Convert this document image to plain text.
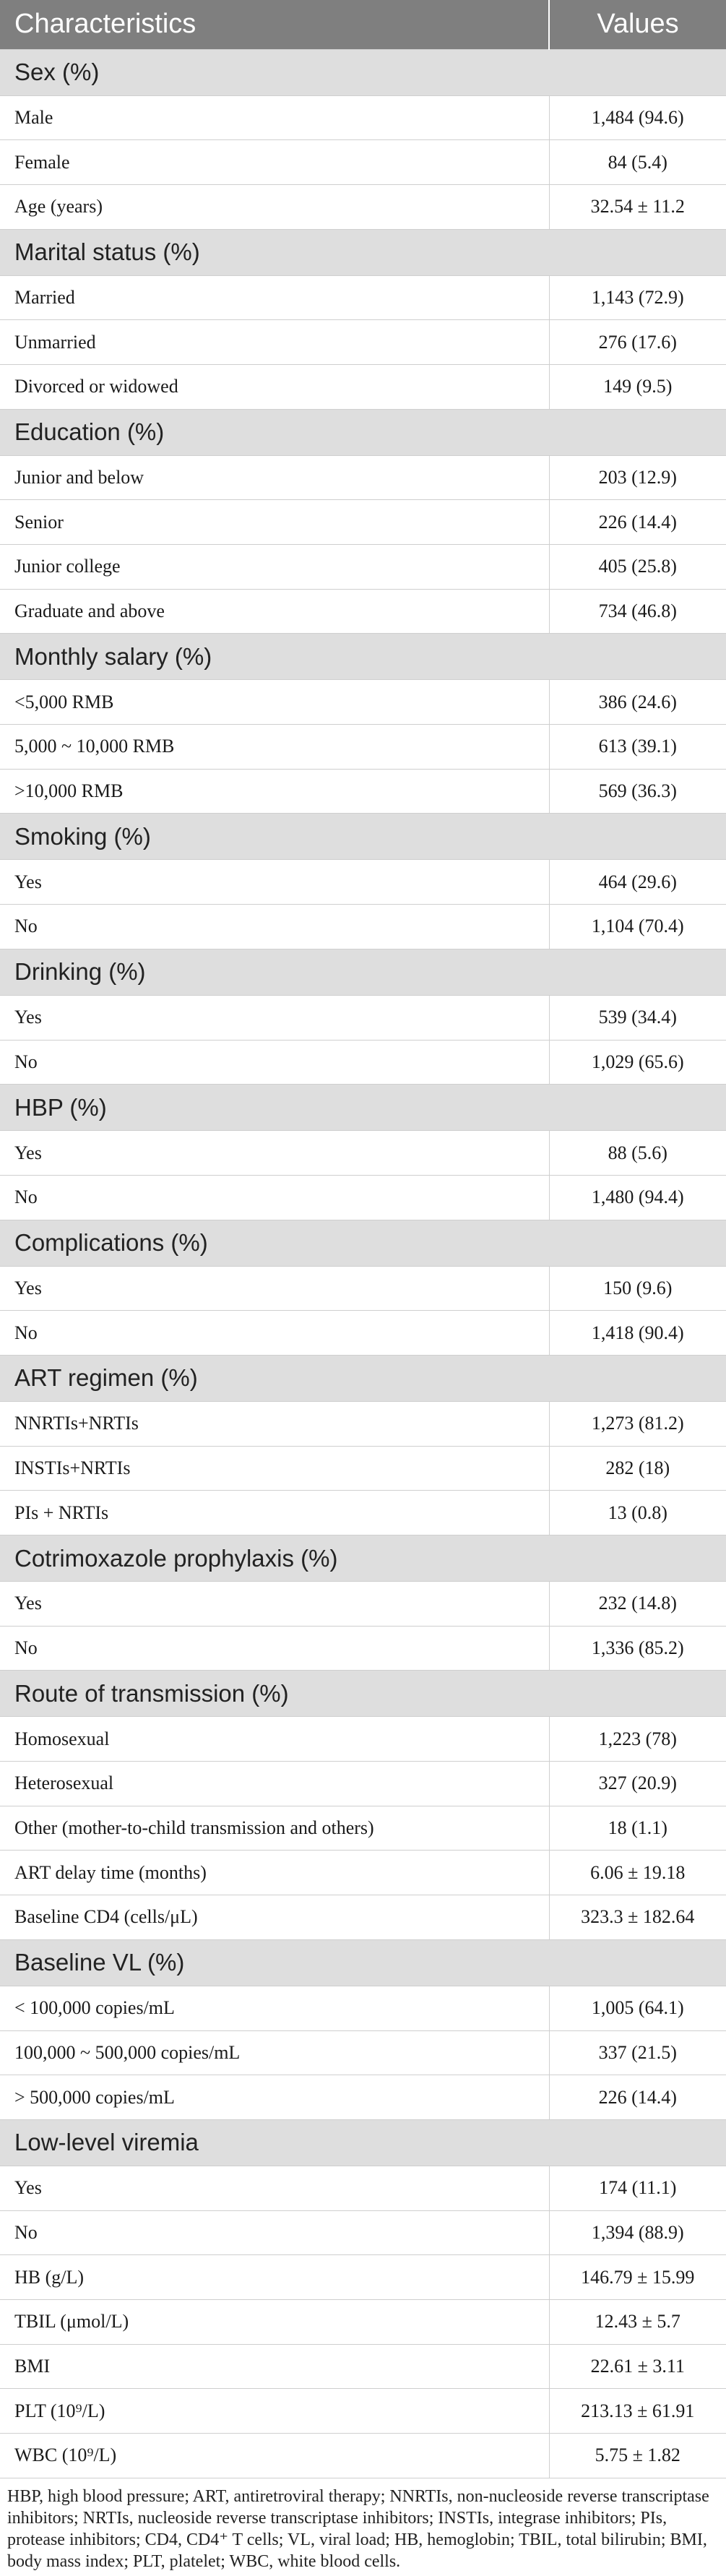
Characteristics	Values
Sex (%)	
Male	1,484 (94.6)
Female	84 (5.4)
Age (years)	32.54 ± 11.2
Marital status (%)	
Married	1,143 (72.9)
Unmarried	276 (17.6)
Divorced or widowed	149 (9.5)
Education (%)	
Junior and below	203 (12.9)
Senior	226 (14.4)
Junior college	405 (25.8)
Graduate and above	734 (46.8)
Monthly salary (%)	
<5,000 RMB	386 (24.6)
5,000 ~ 10,000 RMB	613 (39.1)
>10,000 RMB	569 (36.3)
Smoking (%)	
Yes	464 (29.6)
No	1,104 (70.4)
Drinking (%)	
Yes	539 (34.4)
No	1,029 (65.6)
HBP (%)	
Yes	88 (5.6)
No	1,480 (94.4)
Complications (%)	
Yes	150 (9.6)
No	1,418 (90.4)
ART regimen (%)	
NNRTIs+NRTIs	1,273 (81.2)
INSTIs+NRTIs	282 (18)
PIs + NRTIs	13 (0.8)
Cotrimoxazole prophylaxis (%)	
Yes	232 (14.8)
No	1,336 (85.2)
Route of transmission (%)	
Homosexual	1,223 (78)
Heterosexual	327 (20.9)
Other (mother-to-child transmission and others)	18 (1.1)
ART delay time (months)	6.06 ± 19.18
Baseline CD4 (cells/μL)	323.3 ± 182.64
Baseline VL (%)	
< 100,000 copies/mL	1,005 (64.1)
100,000 ~ 500,000 copies/mL	337 (21.5)
> 500,000 copies/mL	226 (14.4)
Low-level viremia	
Yes	174 (11.1)
No	1,394 (88.9)
HB (g/L)	146.79 ± 15.99
TBIL (μmol/L)	12.43 ± 5.7
BMI	22.61 ± 3.11
PLT (10⁹/L)	213.13 ± 61.91
WBC (10⁹/L)	5.75 ± 1.82
HBP, high blood pressure; ART, antiretroviral therapy; NNRTIs, non-nucleoside reverse transcriptase inhibitors; NRTIs, nucleoside reverse transcriptase inhibitors; INSTIs, integrase inhibitors; PIs, protease inhibitors; CD4, CD4⁺ T cells; VL, viral load; HB, hemoglobin; TBIL, total bilirubin; BMI, body mass index; PLT, platelet; WBC, white blood cells.
